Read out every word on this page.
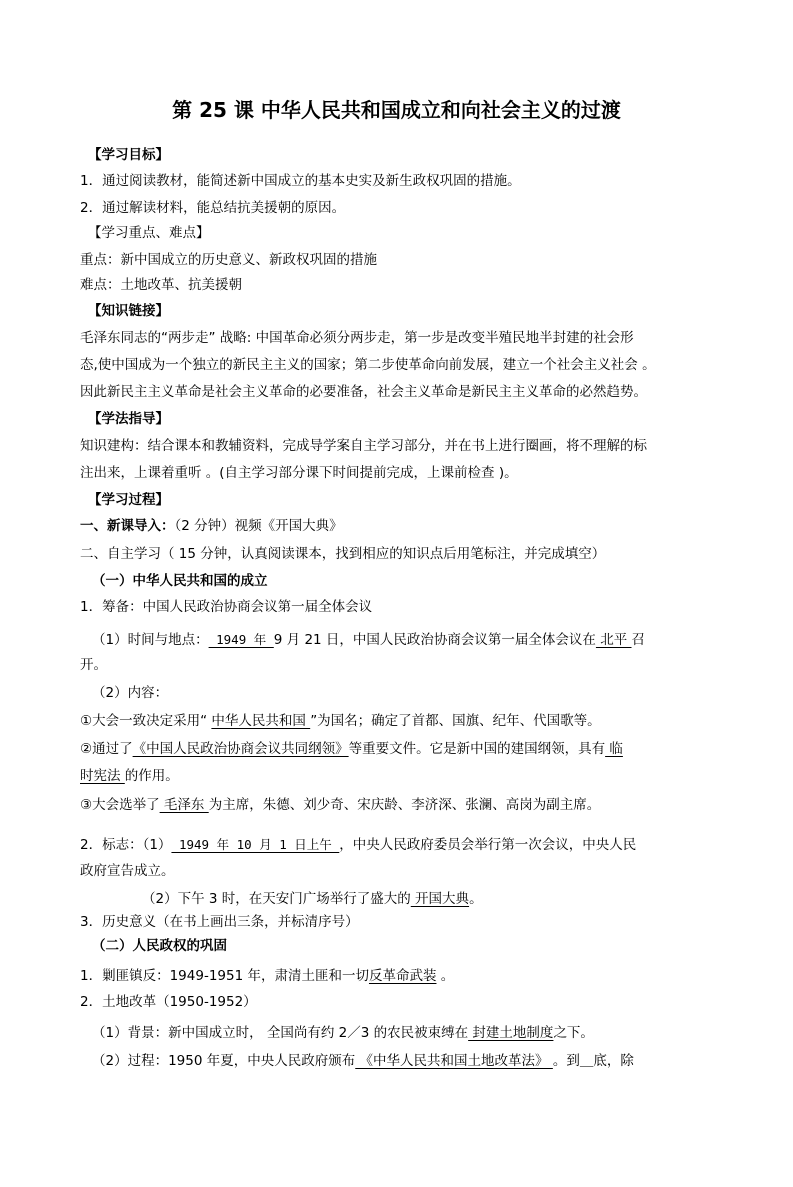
第 25 课 中华人民共和国成立和向社会主义的过渡
【学习目标】
1．通过阅读教材，能简述新中国成立的基本史实及新生政权巩固的措施。
2．通过解读材料，能总结抗美援朝的原因。
【学习重点、难点】
重点：新中国成立的历史意义、新政权巩固的措施
难点：土地改革、抗美援朝
【知识链接】
毛泽东同志的“两步走” 战略: 中国革命必须分两步走，第一步是改变半殖民地半封建的社会形
态,使中国成为一个独立的新民主主义的国家；第二步使革命向前发展，建立一个社会主义社会 。
因此新民主主义革命是社会主义革命的必要准备，社会主义革命是新民主主义革命的必然趋势。
【学法指导】
知识建构：结合课本和教辅资料，完成导学案自主学习部分，并在书上进行圈画，将不理解的标
注出来，上课着重听 。(自主学习部分课下时间提前完成，上课前检查 )。
【学习过程】
一、新课导入：（2 分钟）视频《开国大典》
二、自主学习（ 15 分钟，认真阅读课本，找到相应的知识点后用笔标注，并完成填空）
（一）中华人民共和国的成立
1．筹备：中国人民政治协商会议第一届全体会议
（1）时间与地点： 1949 年 9 月 21 日，中国人民政治协商会议第一届全体会议在 北平 召
开。
（2）内容：
①大会一致决定采用“ 中华人民共和国 ”为国名；确定了首都、国旗、纪年、代国歌等。
②通过了《中国人民政治协商会议共同纲领》等重要文件。它是新中国的建国纲领，具有 临
时宪法 的作用。
③大会选举了 毛泽东 为主席，朱德、刘少奇、宋庆龄、李济深、张澜、高岗为副主席。
2．标志：（1） 1949 年 10 月 1 日上午 ，中央人民政府委员会举行第一次会议，中央人民
政府宣告成立。
（2）下午 3 时，在天安门广场举行了盛大的 开国大典。
3．历史意义（在书上画出三条，并标清序号）
（二）人民政权的巩固
1．剿匪镇反：1949-1951 年，肃清土匪和一切反革命武装 。
2．土地改革（1950-1952）
（1）背景：新中国成立时， 全国尚有约 2／3 的农民被束缚在 封建土地制度之下。
（2）过程：1950 年夏，中央人民政府颁布 《中华人民共和国土地改革法》 。到＿底，除
